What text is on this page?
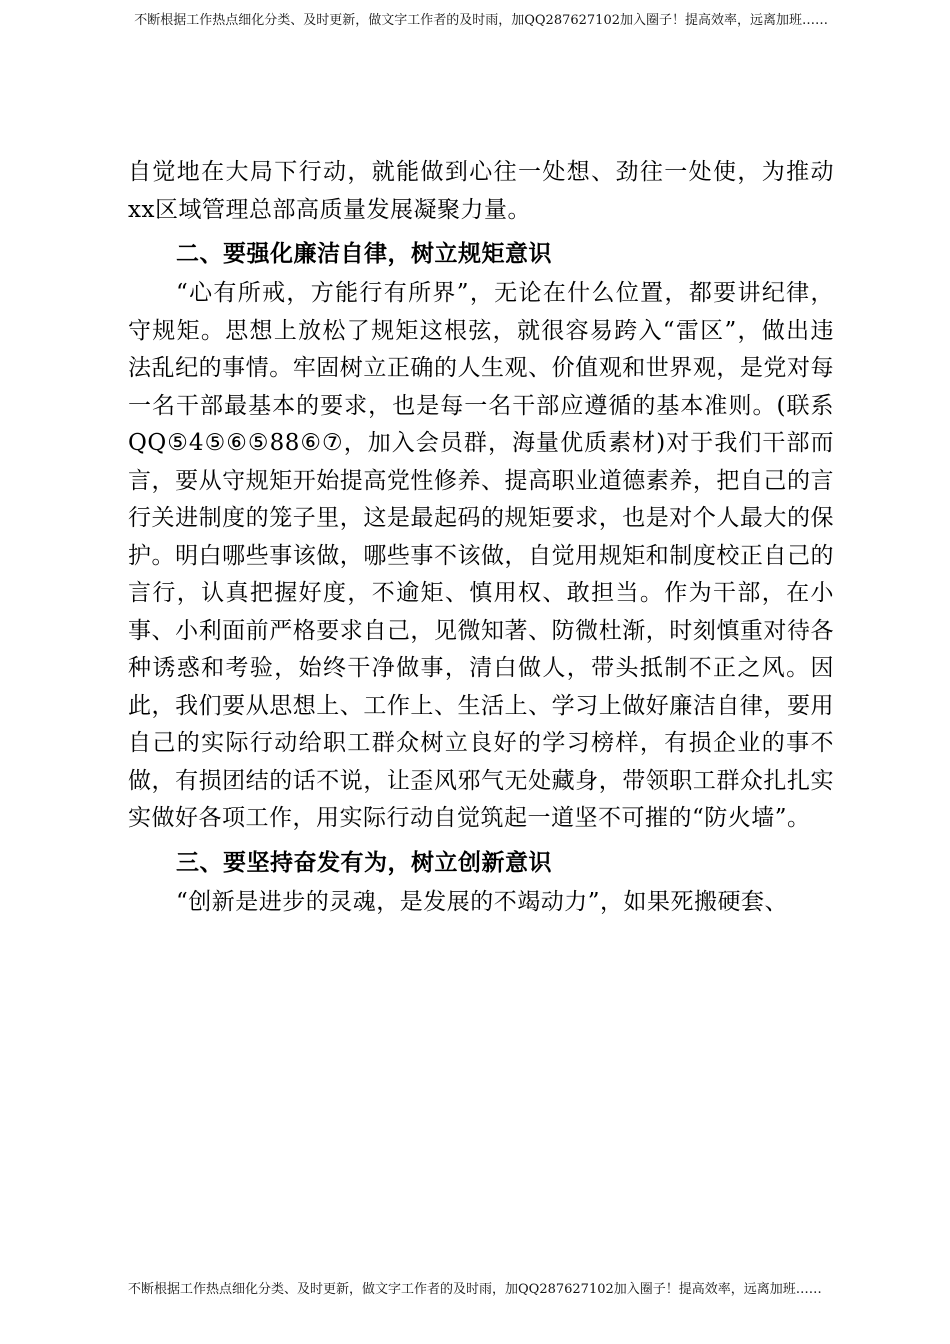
不断根据工作热点细化分类、及时更新，做文字工作者的及时雨，加QQ287627102加入圈子！提高效率，远离加班……

自觉地在大局下行动，就能做到心往一处想、劲往一处使，为推动xx区域管理总部高质量发展凝聚力量。

二、要强化廉洁自律，树立规矩意识

“心有所戒，方能行有所界”，无论在什么位置，都要讲纪律，守规矩。思想上放松了规矩这根弦，就很容易跨入“雷区”，做出违法乱纪的事情。牢固树立正确的人生观、价值观和世界观，是党对每一名干部最基本的要求，也是每一名干部应遵循的基本准则。(联系QQ⑤4⑤⑥⑤88⑥⑦，加入会员群，海量优质素材)对于我们干部而言，要从守规矩开始提高党性修养、提高职业道德素养，把自己的言行关进制度的笼子里，这是最起码的规矩要求，也是对个人最大的保护。明白哪些事该做，哪些事不该做，自觉用规矩和制度校正自己的言行，认真把握好度，不逾矩、慎用权、敢担当。作为干部，在小事、小利面前严格要求自己，见微知著、防微杜渐，时刻慎重对待各种诱惑和考验，始终干净做事，清白做人，带头抵制不正之风。因此，我们要从思想上、工作上、生活上、学习上做好廉洁自律，要用自己的实际行动给职工群众树立良好的学习榜样，有损企业的事不做，有损团结的话不说，让歪风邪气无处藏身，带领职工群众扎扎实实做好各项工作，用实际行动自觉筑起一道坚不可摧的“防火墙”。

三、要坚持奋发有为，树立创新意识

“创新是进步的灵魂，是发展的不竭动力”，如果死搬硬套、

不断根据工作热点细化分类、及时更新，做文字工作者的及时雨，加QQ287627102加入圈子！提高效率，远离加班……
